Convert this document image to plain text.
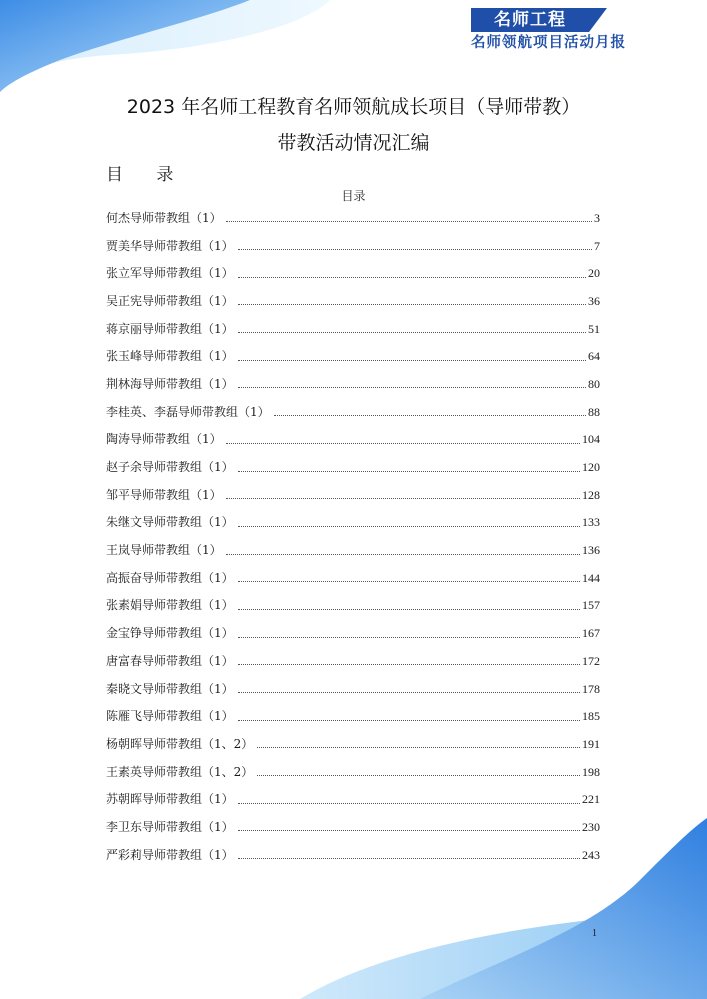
名师工程
名师领航项目活动月报
2023 年名师工程教育名师领航成长项目（导师带教）
带教活动情况汇编
目 录
目录
何杰导师带教组（1）	3
贾美华导师带教组（1）	7
张立军导师带教组（1）	20
吴正宪导师带教组（1）	36
蒋京丽导师带教组（1）	51
张玉峰导师带教组（1）	64
荆林海导师带教组（1）	80
李桂英、李磊导师带教组（1）	88
陶涛导师带教组（1）	104
赵子余导师带教组（1）	120
邹平导师带教组（1）	128
朱继文导师带教组（1）	133
王岚导师带教组（1）	136
高振奋导师带教组（1）	144
张素娟导师带教组（1）	157
金宝铮导师带教组（1）	167
唐富春导师带教组（1）	172
秦晓文导师带教组（1）	178
陈雁飞导师带教组（1）	185
杨朝晖导师带教组（1、2）	191
王素英导师带教组（1、2）	198
苏朝晖导师带教组（1）	221
李卫东导师带教组（1）	230
严彩莉导师带教组（1）	243
1
